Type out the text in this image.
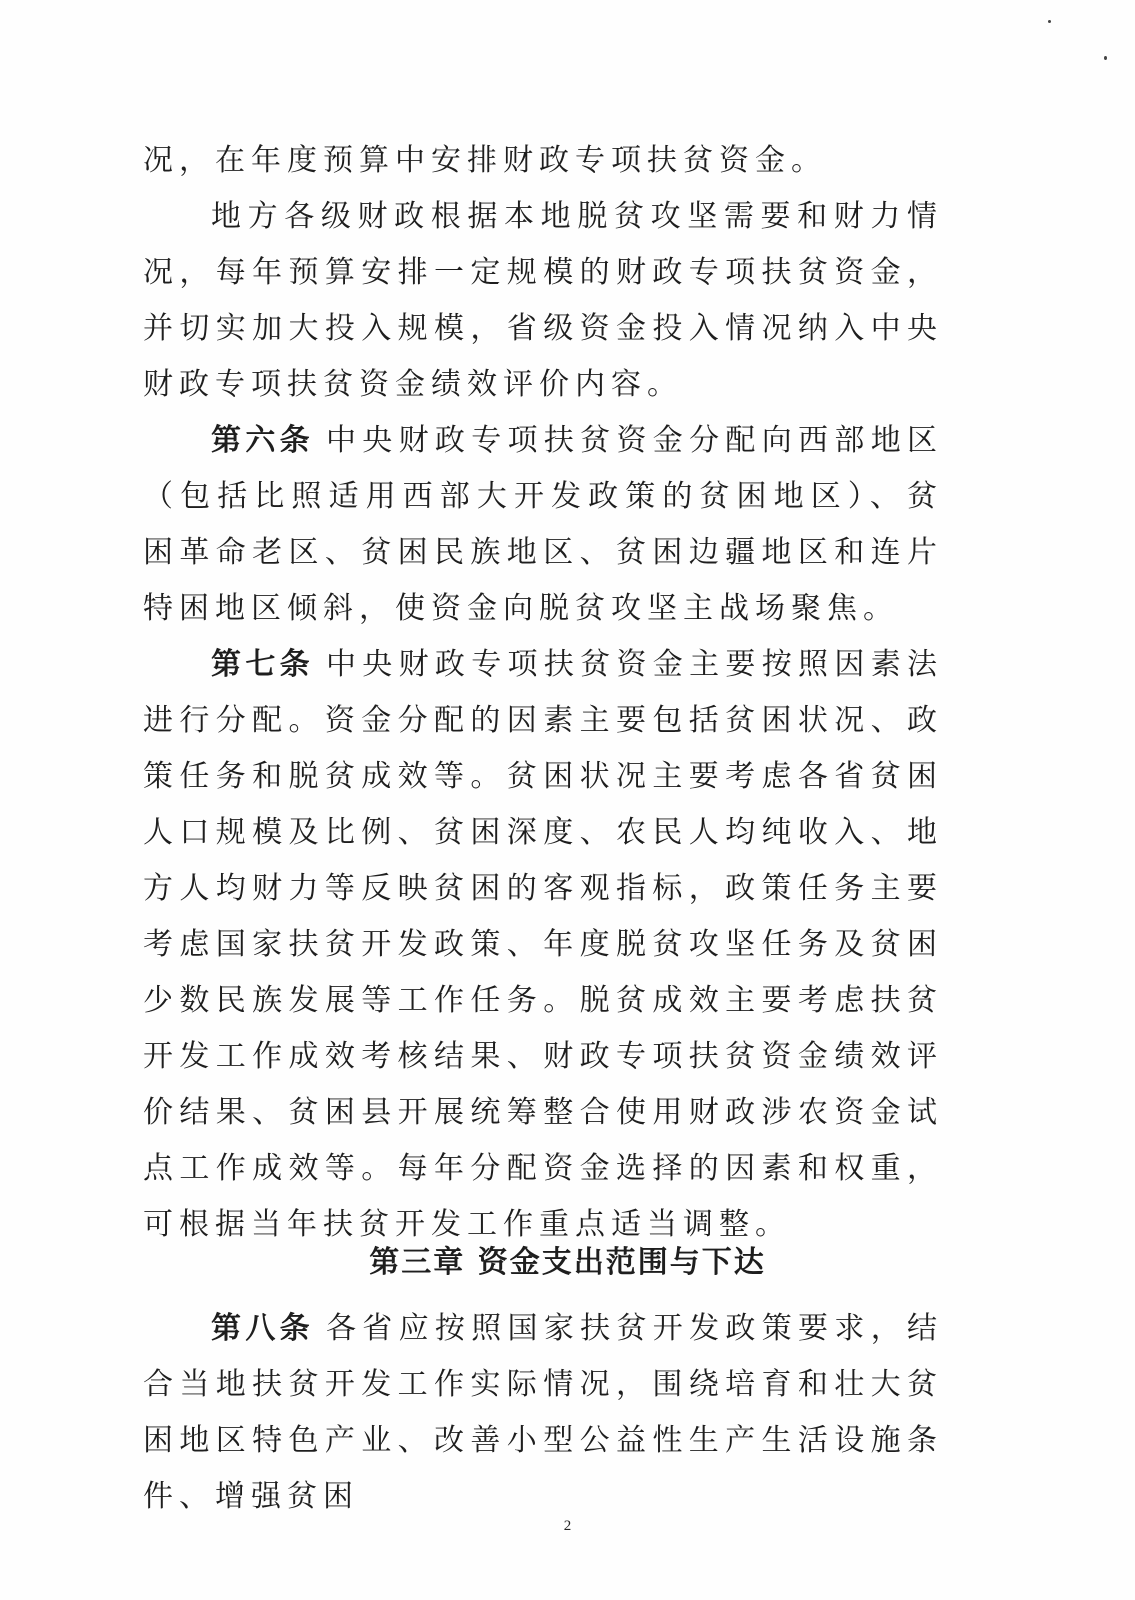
况，在年度预算中安排财政专项扶贫资金。

地方各级财政根据本地脱贫攻坚需要和财力情况，每年预算安排一定规模的财政专项扶贫资金，并切实加大投入规模，省级资金投入情况纳入中央财政专项扶贫资金绩效评价内容。

第六条 中央财政专项扶贫资金分配向西部地区（包括比照适用西部大开发政策的贫困地区）、贫困革命老区、贫困民族地区、贫困边疆地区和连片特困地区倾斜，使资金向脱贫攻坚主战场聚焦。

第七条 中央财政专项扶贫资金主要按照因素法进行分配。资金分配的因素主要包括贫困状况、政策任务和脱贫成效等。贫困状况主要考虑各省贫困人口规模及比例、贫困深度、农民人均纯收入、地方人均财力等反映贫困的客观指标，政策任务主要考虑国家扶贫开发政策、年度脱贫攻坚任务及贫困少数民族发展等工作任务。脱贫成效主要考虑扶贫开发工作成效考核结果、财政专项扶贫资金绩效评价结果、贫困县开展统筹整合使用财政涉农资金试点工作成效等。每年分配资金选择的因素和权重，可根据当年扶贫开发工作重点适当调整。

第三章 资金支出范围与下达

第八条 各省应按照国家扶贫开发政策要求，结合当地扶贫开发工作实际情况，围绕培育和壮大贫困地区特色产业、改善小型公益性生产生活设施条件、增强贫困

2
